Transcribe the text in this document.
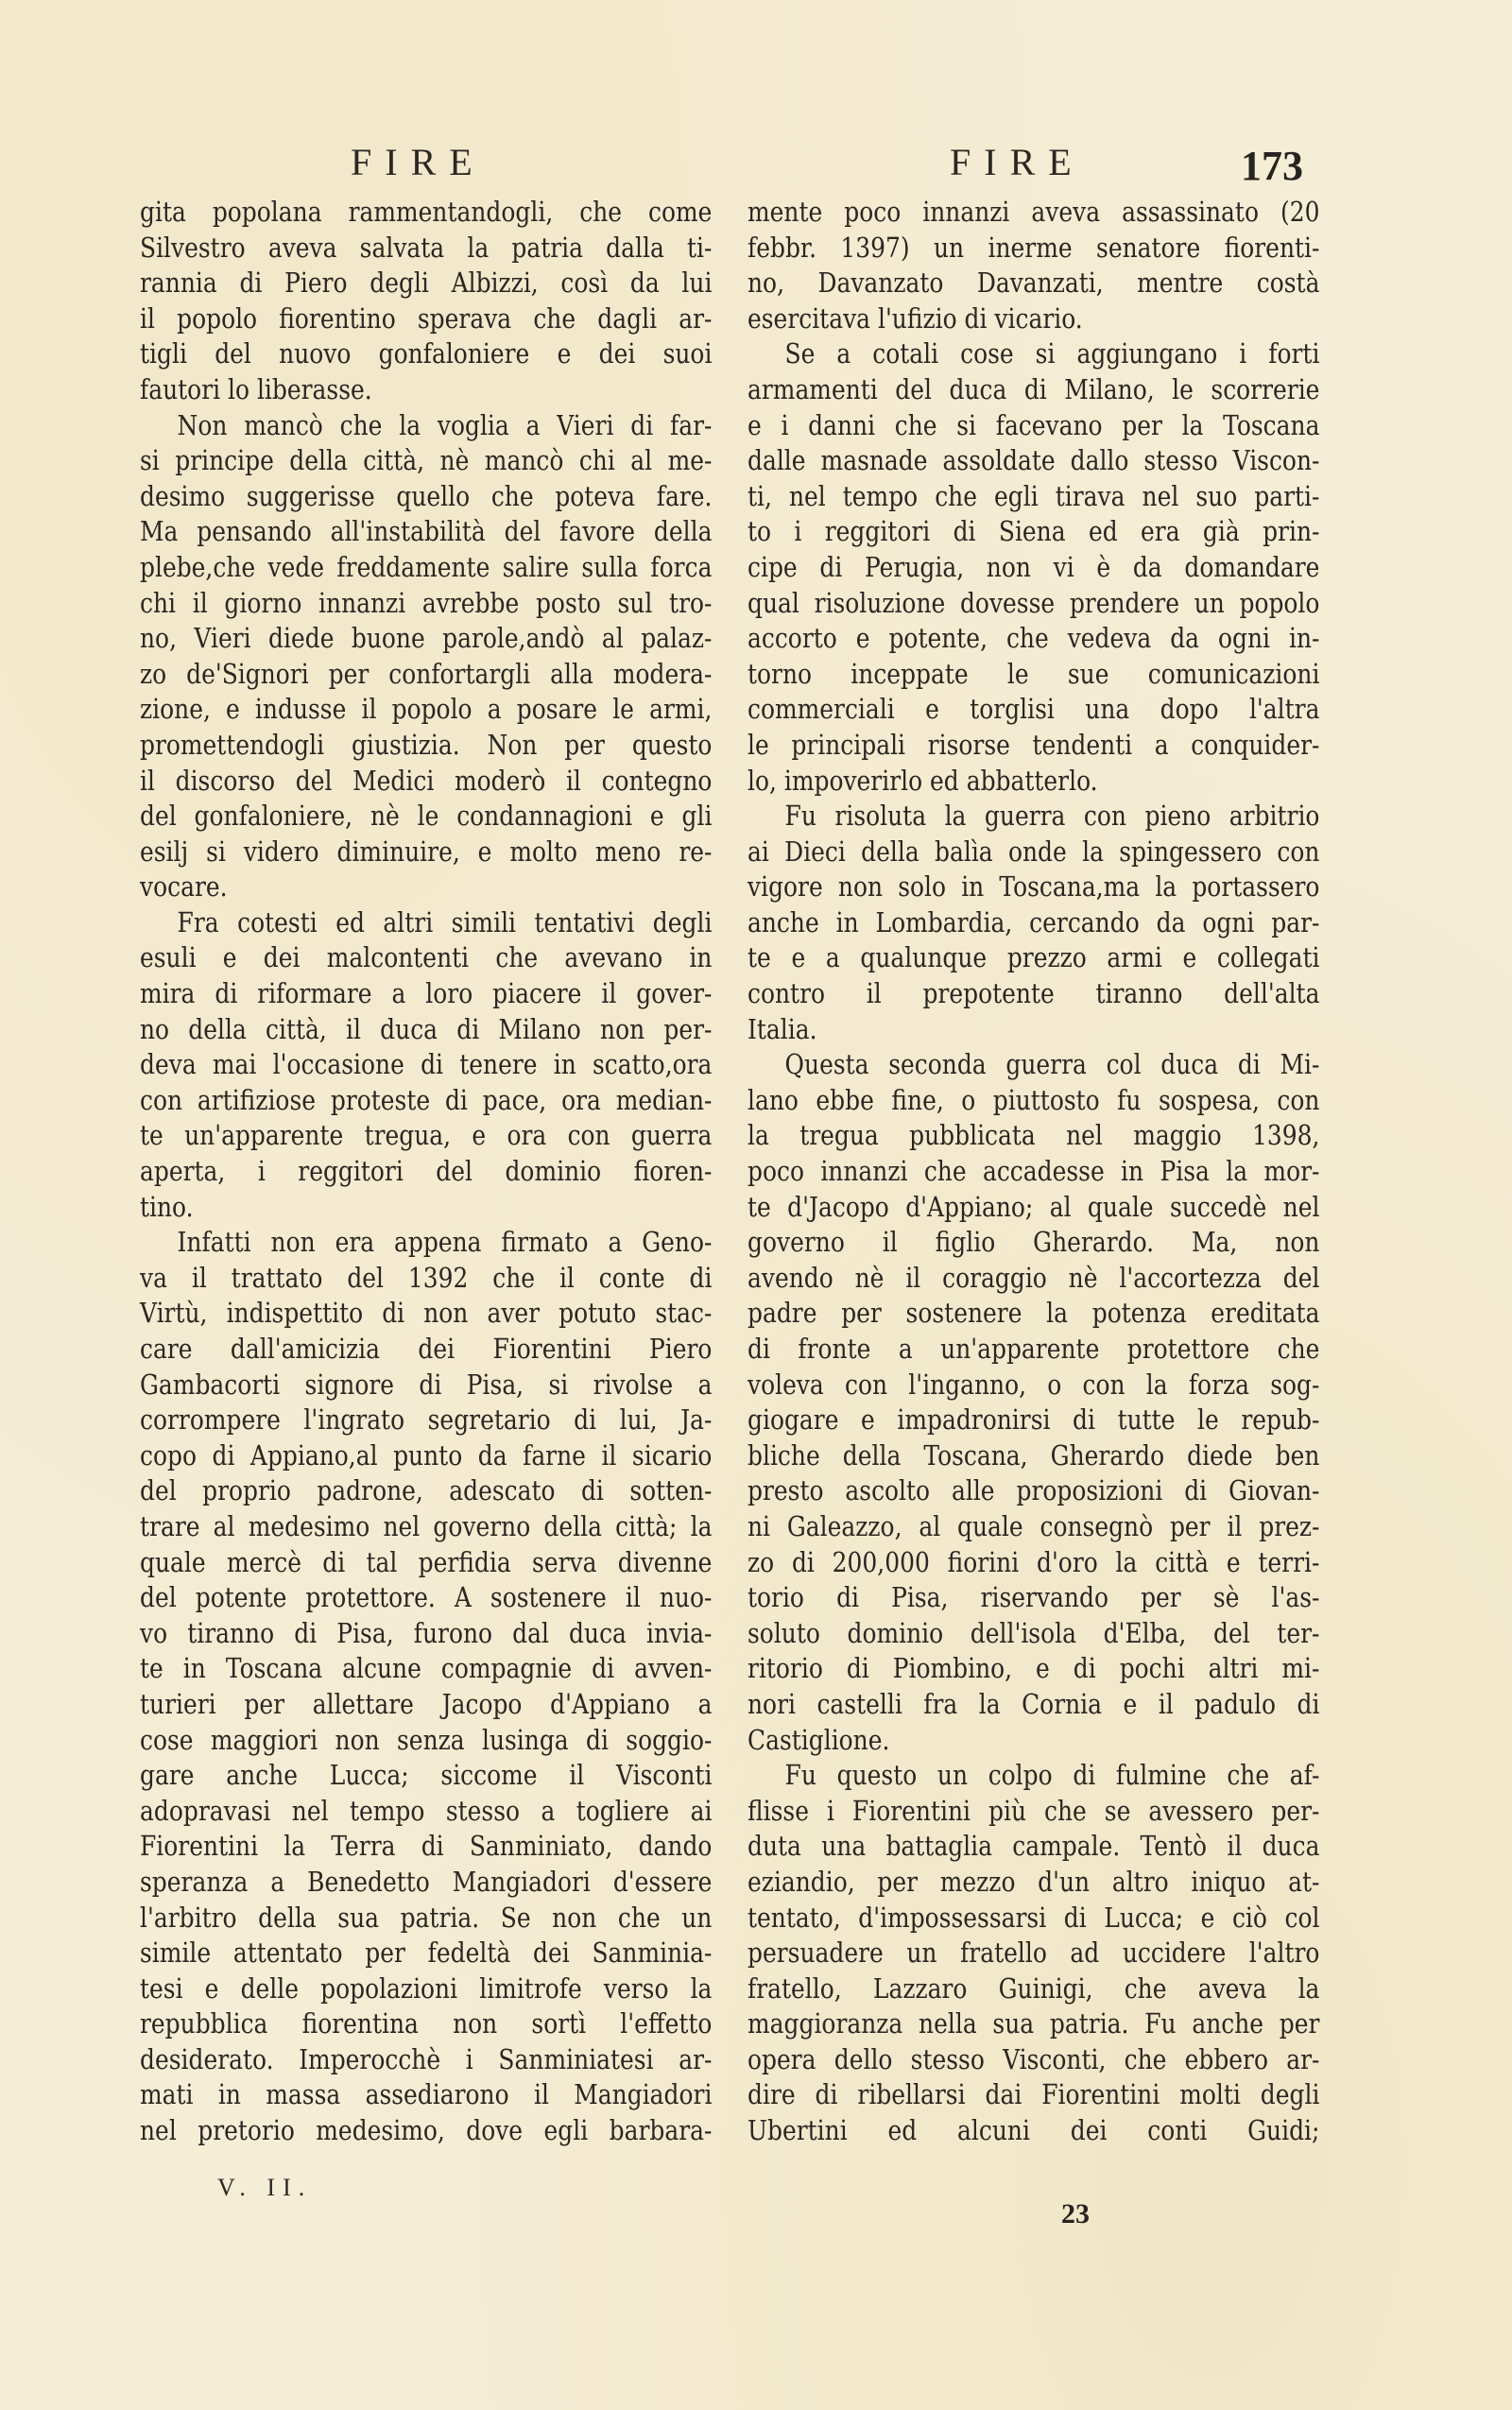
FIRE	FIRE	173
gita popolana rammentandogli, che come
Silvestro aveva salvata la patria dalla ti-
rannia di Piero degli Albizzi, così da lui
il popolo fiorentino sperava che dagli ar-
tigli del nuovo gonfaloniere e dei suoi
fautori lo liberasse.
Non mancò che la voglia a Vieri di far-
si principe della città, nè mancò chi al me-
desimo suggerisse quello che poteva fare.
Ma pensando all'instabilità del favore della
plebe,che vede freddamente salire sulla forca
chi il giorno innanzi avrebbe posto sul tro-
no, Vieri diede buone parole,andò al palaz-
zo de'Signori per confortargli alla modera-
zione, e indusse il popolo a posare le armi,
promettendogli giustizia. Non per questo
il discorso del Medici moderò il contegno
del gonfaloniere, nè le condannagioni e gli
esilj si videro diminuire, e molto meno re-
vocare.
Fra cotesti ed altri simili tentativi degli
esuli e dei malcontenti che avevano in
mira di riformare a loro piacere il gover-
no della città, il duca di Milano non per-
deva mai l'occasione di tenere in scatto,ora
con artifiziose proteste di pace, ora median-
te un'apparente tregua, e ora con guerra
aperta, i reggitori del dominio fioren-
tino.
Infatti non era appena firmato a Geno-
va il trattato del 1392 che il conte di
Virtù, indispettito di non aver potuto stac-
care dall'amicizia dei Fiorentini Piero
Gambacorti signore di Pisa, si rivolse a
corrompere l'ingrato segretario di lui, Ja-
copo di Appiano,al punto da farne il sicario
del proprio padrone, adescato di sotten-
trare al medesimo nel governo della città; la
quale mercè di tal perfidia serva divenne
del potente protettore. A sostenere il nuo-
vo tiranno di Pisa, furono dal duca invia-
te in Toscana alcune compagnie di avven-
turieri per allettare Jacopo d'Appiano a
cose maggiori non senza lusinga di soggio-
gare anche Lucca; siccome il Visconti
adopravasi nel tempo stesso a togliere ai
Fiorentini la Terra di Sanminiato, dando
speranza a Benedetto Mangiadori d'essere
l'arbitro della sua patria. Se non che un
simile attentato per fedeltà dei Sanminia-
tesi e delle popolazioni limitrofe verso la
repubblica fiorentina non sortì l'effetto
desiderato. Imperocchè i Sanminiatesi ar-
mati in massa assediarono il Mangiadori
nel pretorio medesimo, dove egli barbara-
mente poco innanzi aveva assassinato (20
febbr. 1397) un inerme senatore fiorenti-
no, Davanzato Davanzati, mentre costà
esercitava l'ufizio di vicario.
Se a cotali cose si aggiungano i forti
armamenti del duca di Milano, le scorrerie
e i danni che si facevano per la Toscana
dalle masnade assoldate dallo stesso Viscon-
ti, nel tempo che egli tirava nel suo parti-
to i reggitori di Siena ed era già prin-
cipe di Perugia, non vi è da domandare
qual risoluzione dovesse prendere un popolo
accorto e potente, che vedeva da ogni in-
torno inceppate le sue comunicazioni
commerciali e torglisi una dopo l'altra
le principali risorse tendenti a conquider-
lo, impoverirlo ed abbatterlo.
Fu risoluta la guerra con pieno arbitrio
ai Dieci della balìa onde la spingessero con
vigore non solo in Toscana,ma la portassero
anche in Lombardia, cercando da ogni par-
te e a qualunque prezzo armi e collegati
contro il prepotente tiranno dell'alta
Italia.
Questa seconda guerra col duca di Mi-
lano ebbe fine, o piuttosto fu sospesa, con
la tregua pubblicata nel maggio 1398,
poco innanzi che accadesse in Pisa la mor-
te d'Jacopo d'Appiano; al quale succedè nel
governo il figlio Gherardo. Ma, non
avendo nè il coraggio nè l'accortezza del
padre per sostenere la potenza ereditata
di fronte a un'apparente protettore che
voleva con l'inganno, o con la forza sog-
giogare e impadronirsi di tutte le repub-
bliche della Toscana, Gherardo diede ben
presto ascolto alle proposizioni di Giovan-
ni Galeazzo, al quale consegnò per il prez-
zo di 200,000 fiorini d'oro la città e terri-
torio di Pisa, riservando per sè l'as-
soluto dominio dell'isola d'Elba, del ter-
ritorio di Piombino, e di pochi altri mi-
nori castelli fra la Cornia e il padulo di
Castiglione.
Fu questo un colpo di fulmine che af-
flisse i Fiorentini più che se avessero per-
duta una battaglia campale. Tentò il duca
eziandio, per mezzo d'un altro iniquo at-
tentato, d'impossessarsi di Lucca; e ciò col
persuadere un fratello ad uccidere l'altro
fratello, Lazzaro Guinigi, che aveva la
maggioranza nella sua patria. Fu anche per
opera dello stesso Visconti, che ebbero ar-
dire di ribellarsi dai Fiorentini molti degli
Ubertini ed alcuni dei conti Guidi;
V. II.
23
